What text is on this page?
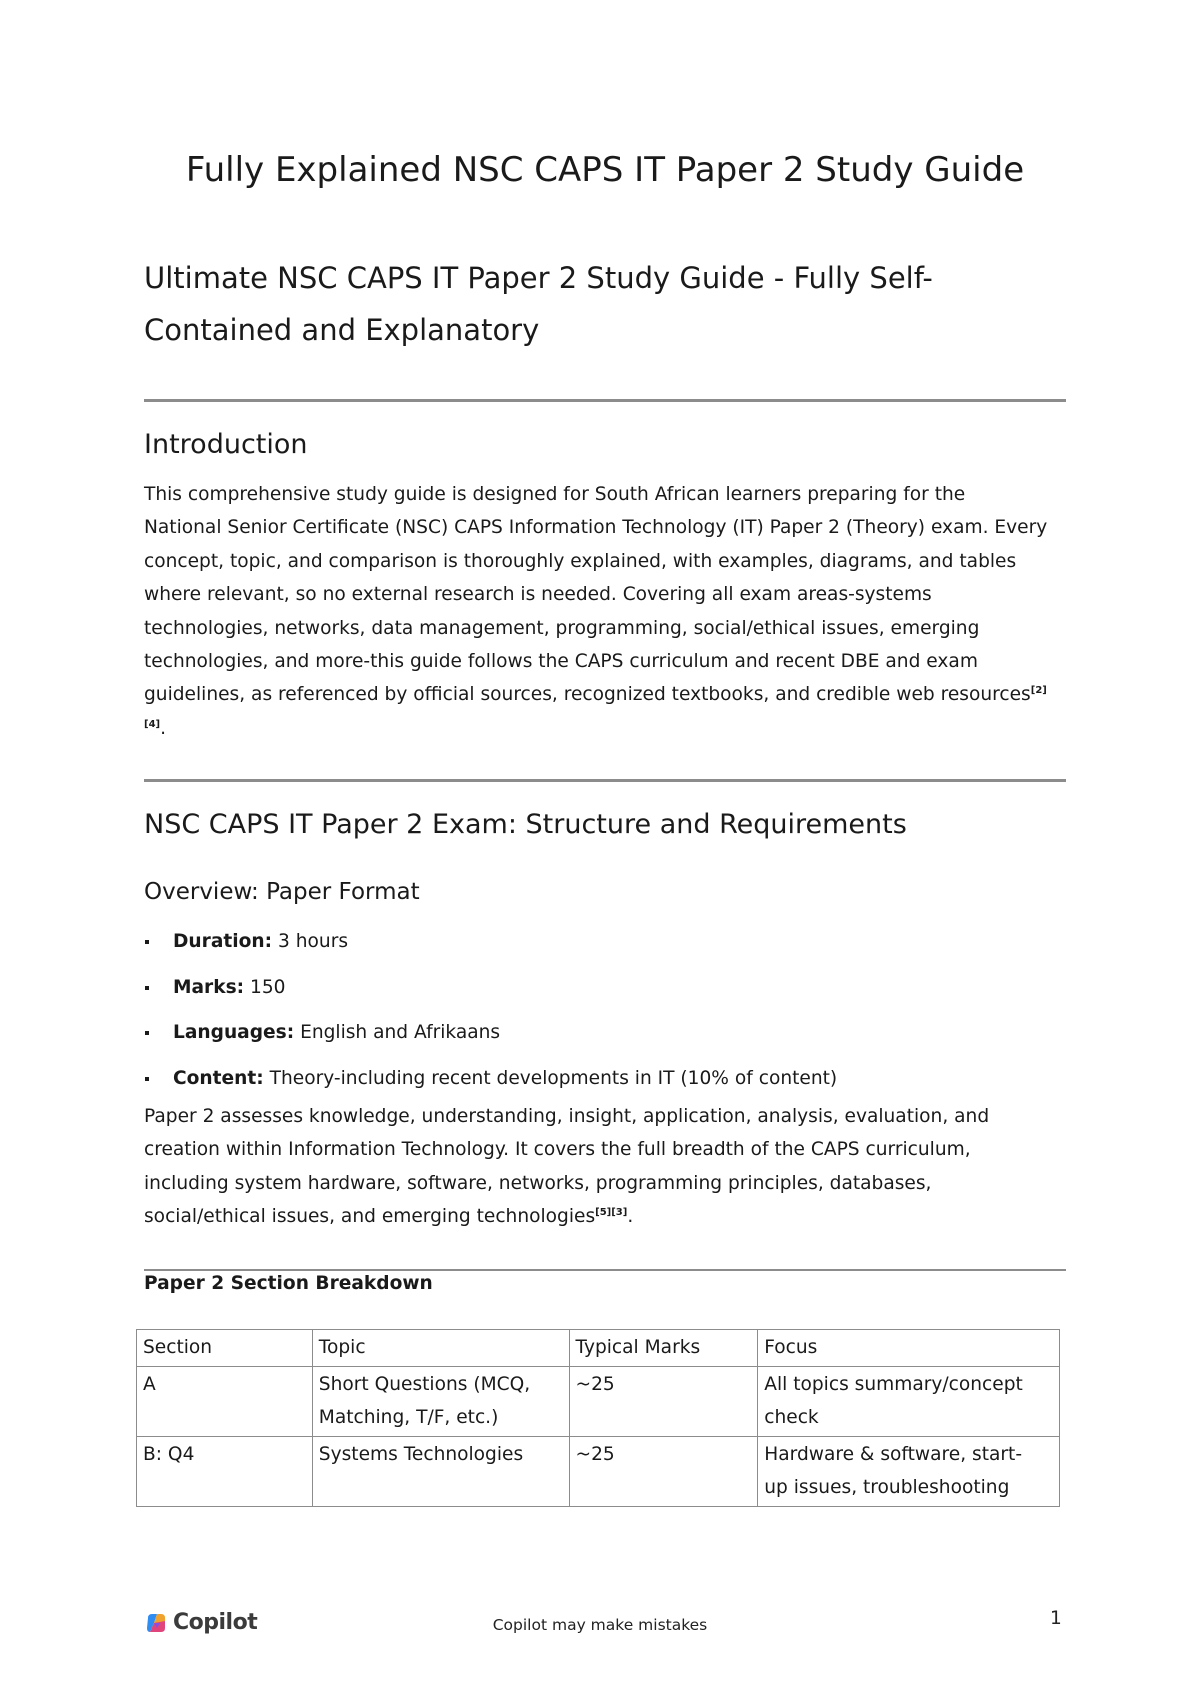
Fully Explained NSC CAPS IT Paper 2 Study Guide
Ultimate NSC CAPS IT Paper 2 Study Guide - Fully Self-
Contained and Explanatory
Introduction

This comprehensive study guide is designed for South African learners preparing for the
National Senior Certificate (NSC) CAPS Information Technology (IT) Paper 2 (Theory) exam. Every
concept, topic, and comparison is thoroughly explained, with examples, diagrams, and tables
where relevant, so no external research is needed. Covering all exam areas-systems
technologies, networks, data management, programming, social/ethical issues, emerging
technologies, and more-this guide follows the CAPS curriculum and recent DBE and exam
guidelines, as referenced by official sources, recognized textbooks, and credible web resources[2]
[4].

NSC CAPS IT Paper 2 Exam: Structure and Requirements
Overview: Paper Format
Duration: 3 hours
Marks: 150
Languages: English and Afrikaans
Content: Theory-including recent developments in IT (10% of content)

Paper 2 assesses knowledge, understanding, insight, application, analysis, evaluation, and
creation within Information Technology. It covers the full breadth of the CAPS curriculum,
including system hardware, software, networks, programming principles, databases,
social/ethical issues, and emerging technologies[5][3].

Paper 2 Section Breakdown

Section	Topic	Typical Marks	Focus
A	Short Questions (MCQ,
Matching, T/F, etc.)	~25	All topics summary/concept
check
B: Q4	Systems Technologies	~25	Hardware & software, start-
up issues, troubleshooting
Copilot	Copilot may make mistakes	1
